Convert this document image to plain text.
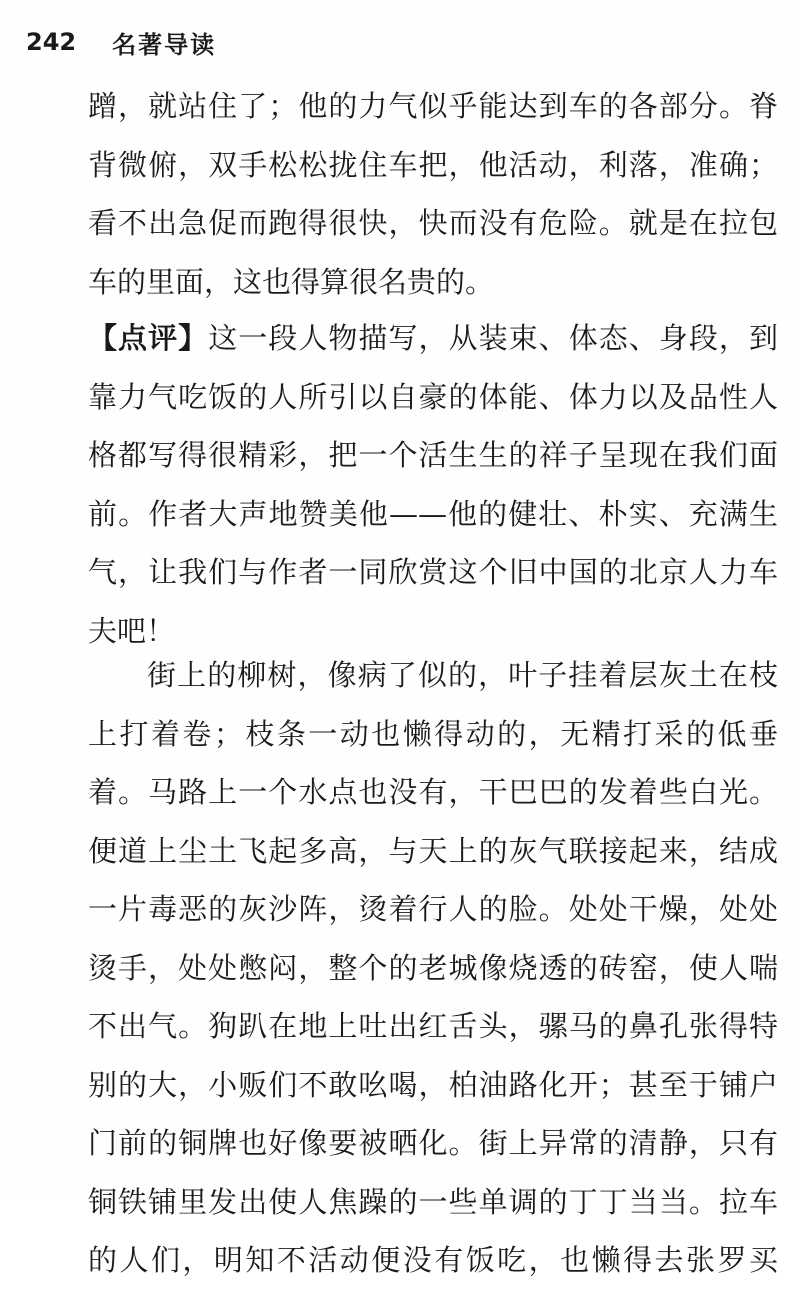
242 名著导读
蹭，就站住了；他的力气似乎能达到车的各部分。脊
背微俯，双手松松拢住车把，他活动，利落，准确；
看不出急促而跑得很快，快而没有危险。就是在拉包
车的里面，这也得算很名贵的。
【点评】这一段人物描写，从装束、体态、身段，到
靠力气吃饭的人所引以自豪的体能、体力以及品性人
格都写得很精彩，把一个活生生的祥子呈现在我们面
前。作者大声地赞美他——他的健壮、朴实、充满生
气，让我们与作者一同欣赏这个旧中国的北京人力车
夫吧！
街上的柳树，像病了似的，叶子挂着层灰土在枝
上打着卷；枝条一动也懒得动的，无精打采的低垂
着。马路上一个水点也没有，干巴巴的发着些白光。
便道上尘土飞起多高，与天上的灰气联接起来，结成
一片毒恶的灰沙阵，烫着行人的脸。处处干燥，处处
烫手，处处憋闷，整个的老城像烧透的砖窑，使人喘
不出气。狗趴在地上吐出红舌头，骡马的鼻孔张得特
别的大，小贩们不敢吆喝，柏油路化开；甚至于铺户
门前的铜牌也好像要被晒化。街上异常的清静，只有
铜铁铺里发出使人焦躁的一些单调的丁丁当当。拉车
的人们，明知不活动便没有饭吃，也懒得去张罗买
